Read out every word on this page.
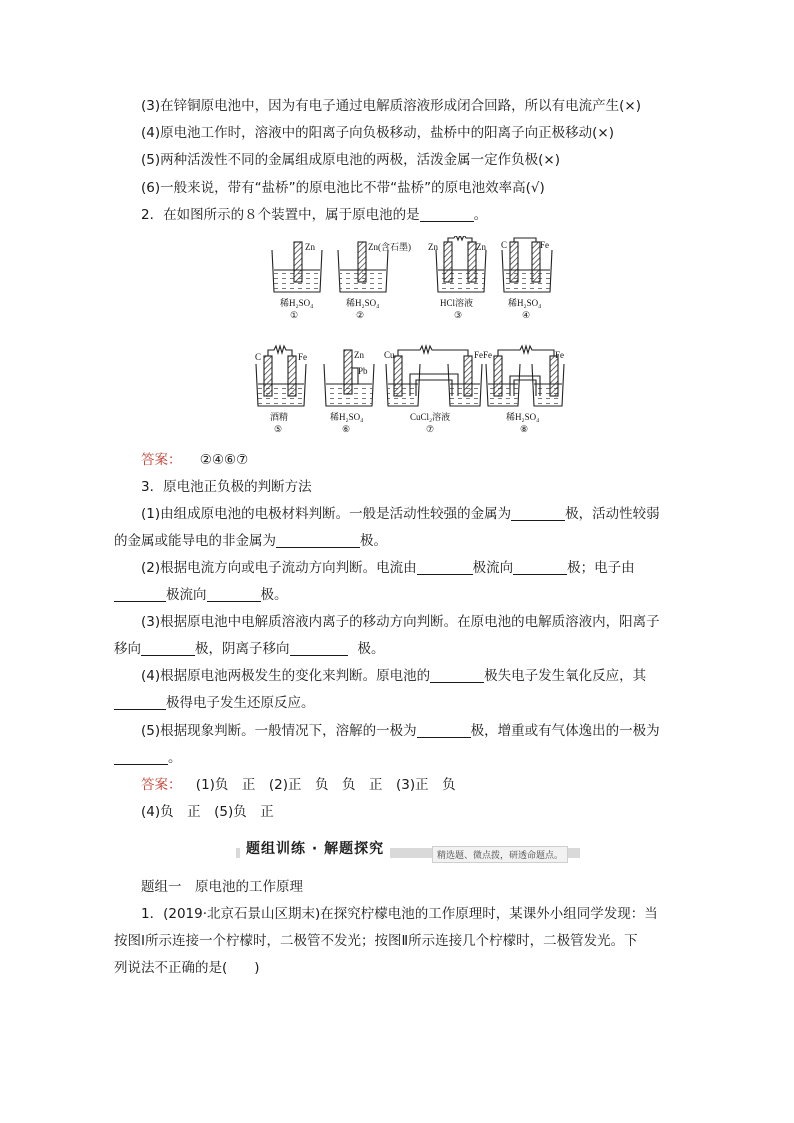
(3)在锌铜原电池中，因为有电子通过电解质溶液形成闭合回路，所以有电流产生(×)
(4)原电池工作时，溶液中的阳离子向负极移动，盐桥中的阳离子向正极移动(×)
(5)两种活泼性不同的金属组成原电池的两极，活泼金属一定作负极(×)
(6)一般来说，带有“盐桥”的原电池比不带“盐桥”的原电池效率高(√)
2．在如图所示的８个装置中，属于原电池的是	。
Zn
稀H₂SO₄
①
Zn(含石墨)
稀H₂SO₄
②
Zn	Zn
HCl溶液
③
C	Fe
稀H₂SO₄
④
C	Fe
酒精
⑤
Zn
Pb
稀H₂SO₄
⑥
Cu	Fe
CuCl₂溶液
⑦
Fe	Fe
稀H₂SO₄
⑧
答案： ②④⑥⑦
3．原电池正负极的判断方法
(1)由组成原电池的电极材料判断。一般是活动性较强的金属为	极，活动性较弱
的金属或能导电的非金属为	极。
(2)根据电流方向或电子流动方向判断。电流由	极流向	极；电子由
极流向	极。
(3)根据原电池中电解质溶液内离子的移动方向判断。在原电池的电解质溶液内，阳离子
移向	极，阴离子移向	极。
(4)根据原电池两极发生的变化来判断。原电池的	极失电子发生氧化反应，其
极得电子发生还原反应。
(5)根据现象判断。一般情况下，溶解的一极为	极，增重或有气体逸出的一极为
。
答案： (1)负　正　(2)正　负　负　正　(3)正　负
(4)负　正　(5)负　正
题组训练 · 解题探究	精选题、微点拨，研透命题点。
题组一　原电池的工作原理
1．(2019·北京石景山区期末)在探究柠檬电池的工作原理时，某课外小组同学发现：当
按图Ⅰ所示连接一个柠檬时，二极管不发光；按图Ⅱ所示连接几个柠檬时，二极管发光。下
列说法不正确的是(　　)
